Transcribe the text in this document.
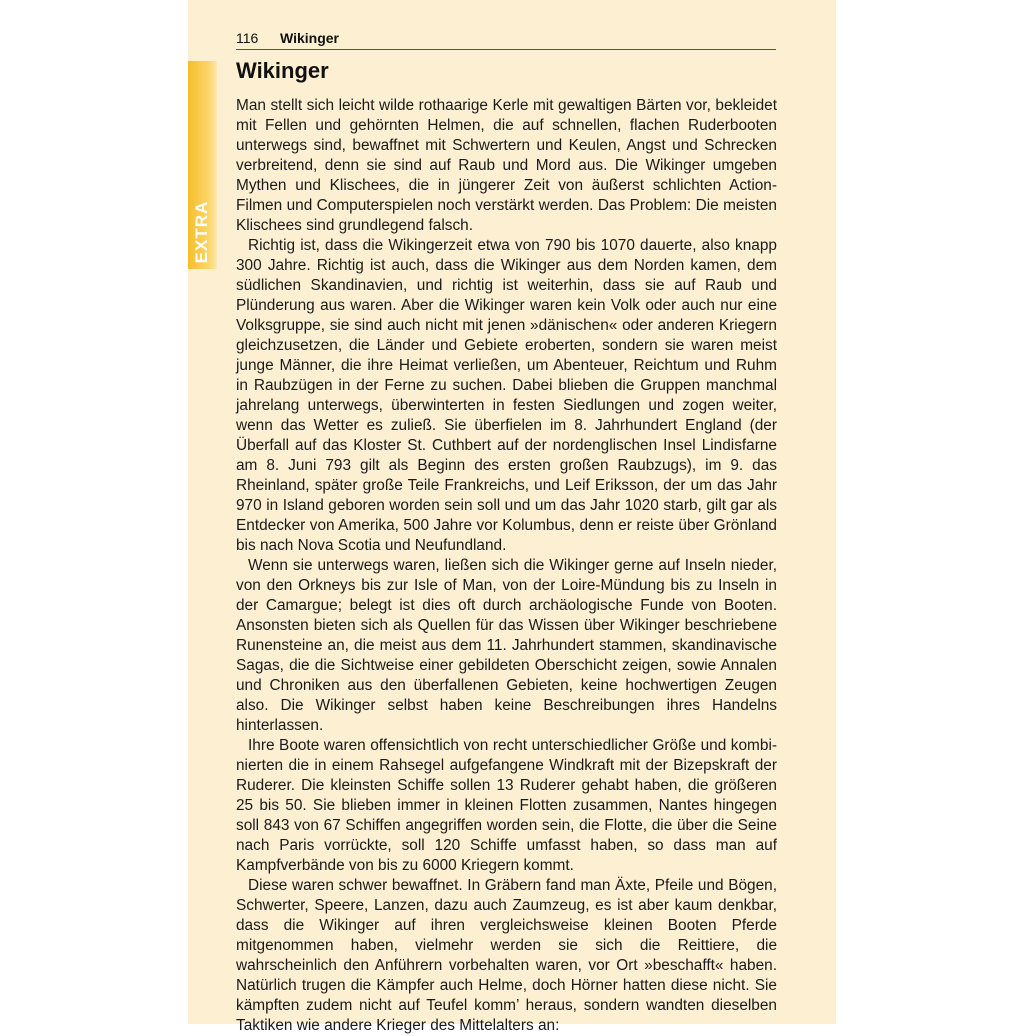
EXTRA
116 Wikinger
Wikinger

Man stellt sich leicht wilde rothaarige Kerle mit gewaltigen Bärten vor, bekleidet mit Fellen und gehörnten Helmen, die auf schnellen, flachen Ruderbooten unterwegs sind, bewaffnet mit Schwertern und Keulen, Angst und Schrecken verbreitend, denn sie sind auf Raub und Mord aus. Die Wikinger umgeben Mythen und Klischees, die in jüngerer Zeit von äußerst schlichten Action-Filmen und Computerspielen noch verstärkt werden. Das Problem: Die meisten Klischees sind grundlegend falsch.

Richtig ist, dass die Wikingerzeit etwa von 790 bis 1070 dauerte, also knapp 300 Jahre. Richtig ist auch, dass die Wikinger aus dem Norden kamen, dem südlichen Skandinavien, und richtig ist weiterhin, dass sie auf Raub und Plünderung aus waren. Aber die Wikinger waren kein Volk oder auch nur eine Volksgruppe, sie sind auch nicht mit jenen »dänischen« oder anderen Kriegern gleichzusetzen, die Länder und Gebiete eroberten, sondern sie waren meist junge Männer, die ihre Heimat verließen, um Abenteuer, Reichtum und Ruhm in Raubzügen in der Ferne zu suchen. Dabei blieben die Gruppen manchmal jahrelang unterwegs, überwinterten in festen Siedlungen und zogen weiter, wenn das Wetter es zuließ. Sie überfielen im 8. Jahrhundert England (der Überfall auf das Kloster St. Cuthbert auf der nordenglischen Insel Lindisfarne am 8. Juni 793 gilt als Beginn des ersten großen Raubzugs), im 9. das Rheinland, später große Teile Frankreichs, und Leif Eriksson, der um das Jahr 970 in Island geboren worden sein soll und um das Jahr 1020 starb, gilt gar als Entdecker von Amerika, 500 Jahre vor Kolumbus, denn er reiste über Grönland bis nach Nova Scotia und Neufundland.

Wenn sie unterwegs waren, ließen sich die Wikinger gerne auf Inseln nieder, von den Orkneys bis zur Isle of Man, von der Loire-Mündung bis zu Inseln in der Camargue; belegt ist dies oft durch archäologische Funde von Booten. Ansonsten bieten sich als Quellen für das Wissen über Wikinger beschriebene Runensteine an, die meist aus dem 11. Jahrhundert stammen, skandinavische Sagas, die die Sichtweise einer gebildeten Oberschicht zeigen, sowie Annalen und Chroniken aus den überfallenen Gebieten, keine hochwertigen Zeugen also. Die Wikinger selbst haben keine Beschreibungen ihres Handelns hinterlassen.

Ihre Boote waren offensichtlich von recht unterschiedlicher Größe und kombinierten die in einem Rahsegel aufgefangene Windkraft mit der Bizepskraft der Ruderer. Die kleinsten Schiffe sollen 13 Ruderer gehabt haben, die größeren 25 bis 50. Sie blieben immer in kleinen Flotten zusammen, Nantes hingegen soll 843 von 67 Schiffen angegriffen worden sein, die Flotte, die über die Seine nach Paris vorrückte, soll 120 Schiffe umfasst haben, so dass man auf Kampfverbände von bis zu 6000 Kriegern kommt.

Diese waren schwer bewaffnet. In Gräbern fand man Äxte, Pfeile und Bögen, Schwerter, Speere, Lanzen, dazu auch Zaumzeug, es ist aber kaum denkbar, dass die Wikinger auf ihren vergleichsweise kleinen Booten Pferde mitgenommen haben, vielmehr werden sie sich die Reittiere, die wahrscheinlich den Anführern vorbehalten waren, vor Ort »beschafft« haben. Natürlich trugen die Kämpfer auch Helme, doch Hörner hatten diese nicht. Sie kämpften zudem nicht auf Teufel komm’ heraus, sondern wandten dieselben Taktiken wie andere Krieger des Mittelalters an:
